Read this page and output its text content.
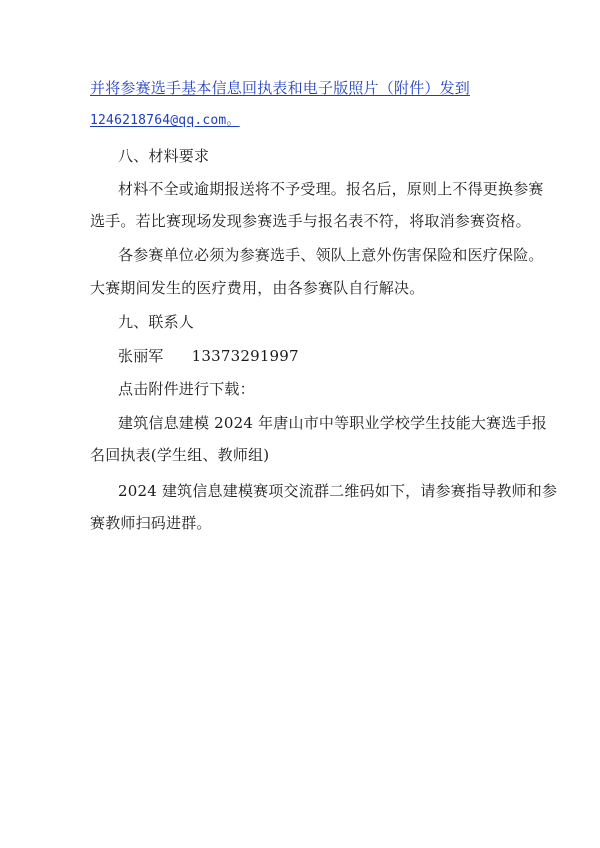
并将参赛选手基本信息回执表和电子版照片（附件）发到
1246218764@qq.com。
八、材料要求
材料不全或逾期报送将不予受理。报名后，原则上不得更换参赛
选手。若比赛现场发现参赛选手与报名表不符，将取消参赛资格。
各参赛单位必须为参赛选手、领队上意外伤害保险和医疗保险。
大赛期间发生的医疗费用，由各参赛队自行解决。
九、联系人
张丽军 13373291997
点击附件进行下载：
建筑信息建模 2024 年唐山市中等职业学校学生技能大赛选手报
名回执表(学生组、教师组)
2024 建筑信息建模赛项交流群二维码如下，请参赛指导教师和参
赛教师扫码进群。
